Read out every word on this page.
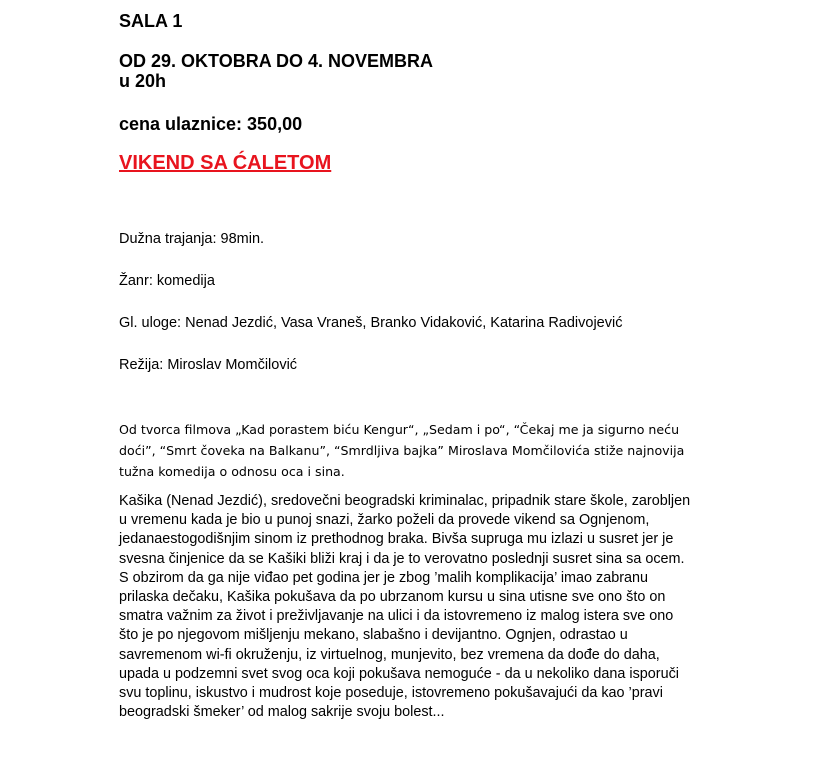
SALA 1
OD 29. OKTOBRA DO 4. NOVEMBRA
u 20h
cena ulaznice: 350,00
VIKEND SA ĆALETOM
Dužna trajanja: 98min.
Žanr: komedija
Gl. uloge: Nenad Jezdić, Vasa Vraneš, Branko Vidaković, Katarina Radivojević
Režija: Miroslav Momčilović
Od tvorca filmova „Kad porastem biću Kengur“, „Sedam i po“, “Čekaj me ja sigurno neću doći”, “Smrt čoveka na Balkanu”, “Smrdljiva bajka” Miroslava Momčilovića stiže najnovija tužna komedija o odnosu oca i sina.
Kašika (Nenad Jezdić), sredovečni beogradski kriminalac, pripadnik stare škole, zarobljen u vremenu kada je bio u punoj snazi, žarko poželi da provede vikend sa Ognjenom, jedanaestogodišnjim sinom iz prethodnog braka. Bivša supruga mu izlazi u susret jer je svesna činjenice da se Kašiki bliži kraj i da je to verovatno poslednji susret sina sa ocem. S obzirom da ga nije viđao pet godina jer je zbog ’malih komplikacija’ imao zabranu prilaska dečaku, Kašika pokušava da po ubrzanom kursu u sina utisne sve ono što on smatra važnim za život i preživljavanje na ulici i da istovremeno iz malog istera sve ono što je po njegovom mišljenju mekano, slabašno i devijantno. Ognjen, odrastao u savremenom wi-fi okruženju, iz virtuelnog, munjevito, bez vremena da dođe do daha, upada u podzemni svet svog oca koji pokušava nemoguće - da u nekoliko dana isporuči svu toplinu, iskustvo i mudrost koje poseduje, istovremeno pokušavajući da kao ’pravi beogradski šmeker’ od malog sakrije svoju bolest...
